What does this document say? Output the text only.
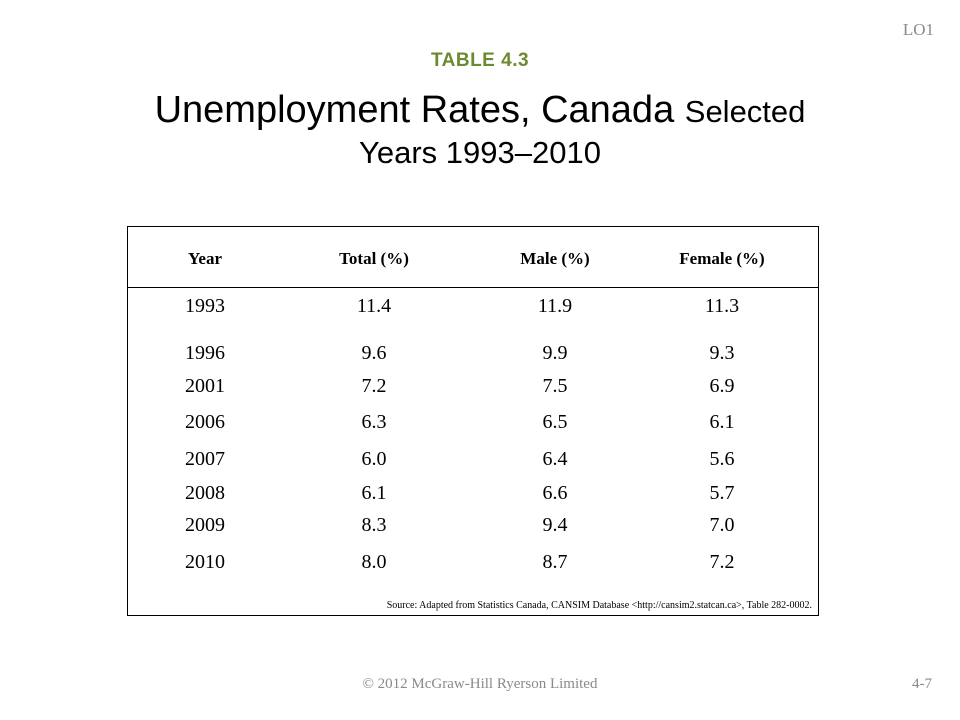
LO1
TABLE 4.3
Unemployment Rates, Canada Selected
Years 1993–2010
Year	Total (%)	Male (%)	Female (%)
1993	11.4	11.9	11.3
1996	9.6	9.9	9.3
2001	7.2	7.5	6.9
2006	6.3	6.5	6.1
2007	6.0	6.4	5.6
2008	6.1	6.6	5.7
2009	8.3	9.4	7.0
2010	8.0	8.7	7.2
Source: Adapted from Statistics Canada, CANSIM Database <http://cansim2.statcan.ca>, Table 282-0002.
© 2012 McGraw-Hill Ryerson Limited	4-7
